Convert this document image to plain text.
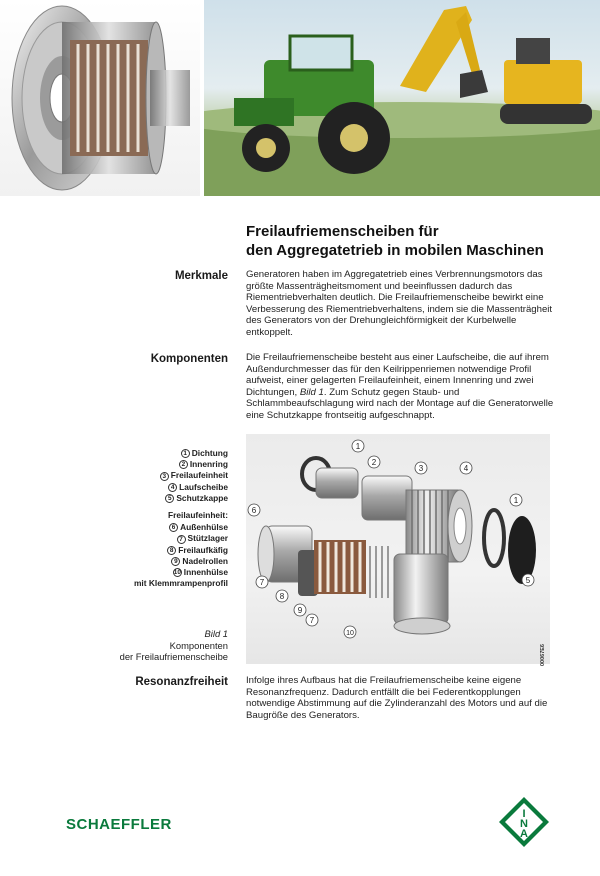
Freilaufriemenscheiben für
den Aggregatetrieb in mobilen Maschinen
Merkmale Generatoren haben im Aggregatetrieb eines Verbrennungsmotors das größte Massenträgheitsmoment und beeinflussen dadurch das Riementriebverhalten deutlich. Die Freilaufriemenscheibe bewirkt eine Verbesserung des Riementriebverhaltens, indem sie die Massenträgheit des Generators von der Drehungleichförmigkeit der Kurbelwelle entkoppelt.
Komponenten Die Freilaufriemenscheibe besteht aus einer Laufscheibe, die auf ihrem Außendurchmesser das für den Keilrippenriemen notwendige Profil aufweist, einer gelagerten Freilaufeinheit, einem Innenring und zwei Dichtungen, Bild 1. Zum Schutz gegen Staub- und Schlammbeaufschlagung wird nach der Montage auf die Generatorwelle eine Schutzkappe frontseitig aufgeschnappt.
1 Dichtung
2 Innenring
3 Freilaufeinheit
4 Laufscheibe
5 Schutzkappe
Freilaufeinheit:
6 Außenhülse
7 Stützlager
8 Freilaufkäfig
9 Nadelrollen
10 Innenhülse
mit Klemmrampenprofil
Bild 1
Komponenten
der Freilaufriemenscheibe
1
2
3	4
1
5
6
7
8
9
7
10
00067E6
Resonanzfreiheit Infolge ihres Aufbaus hat die Freilaufriemenscheibe keine eigene Resonanzfrequenz. Dadurch entfällt die bei Federentkopplungen notwendige Abstimmung auf die Zylinderanzahl des Motors und auf die Baugröße des Generators.
SCHAEFFLER
I
N
A
